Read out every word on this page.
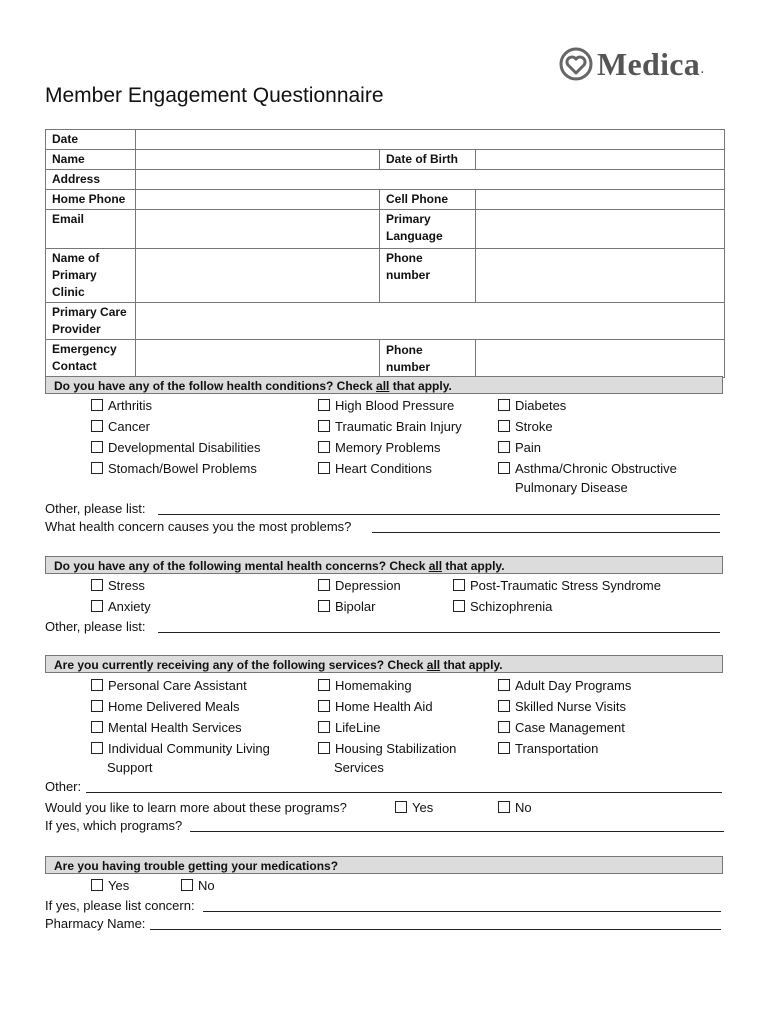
Medica .
Member Engagement Questionnaire
Date			
Name		Date of Birth	
Address			
Home Phone		Cell Phone	
Email		Primary Language	
Name of Primary Clinic		Phone number	
Primary Care Provider			
Emergency Contact		Phone number	
Do you have any of the follow health conditions? Check all that apply.
Arthritis
Cancer
Developmental Disabilities
Stomach/Bowel Problems
High Blood Pressure
Traumatic Brain Injury
Memory Problems
Heart Conditions
Diabetes
Stroke
Pain
Asthma/Chronic Obstructive
Pulmonary Disease
Other, please list:
What health concern causes you the most problems?
Do you have any of the following mental health concerns? Check all that apply.
Stress
Anxiety
Depression
Bipolar
Post-Traumatic Stress Syndrome
Schizophrenia
Other, please list:
Are you currently receiving any of the following services? Check all that apply.
Personal Care Assistant
Home Delivered Meals
Mental Health Services
Individual Community Living
Homemaking
Home Health Aid
LifeLine
Housing Stabilization
Adult Day Programs
Skilled Nurse Visits
Case Management
Transportation
Support	Services
Other:
Would you like to learn more about these programs?	Yes	No
If yes, which programs?
Are you having trouble getting your medications?
Yes	No
If yes, please list concern:
Pharmacy Name:
